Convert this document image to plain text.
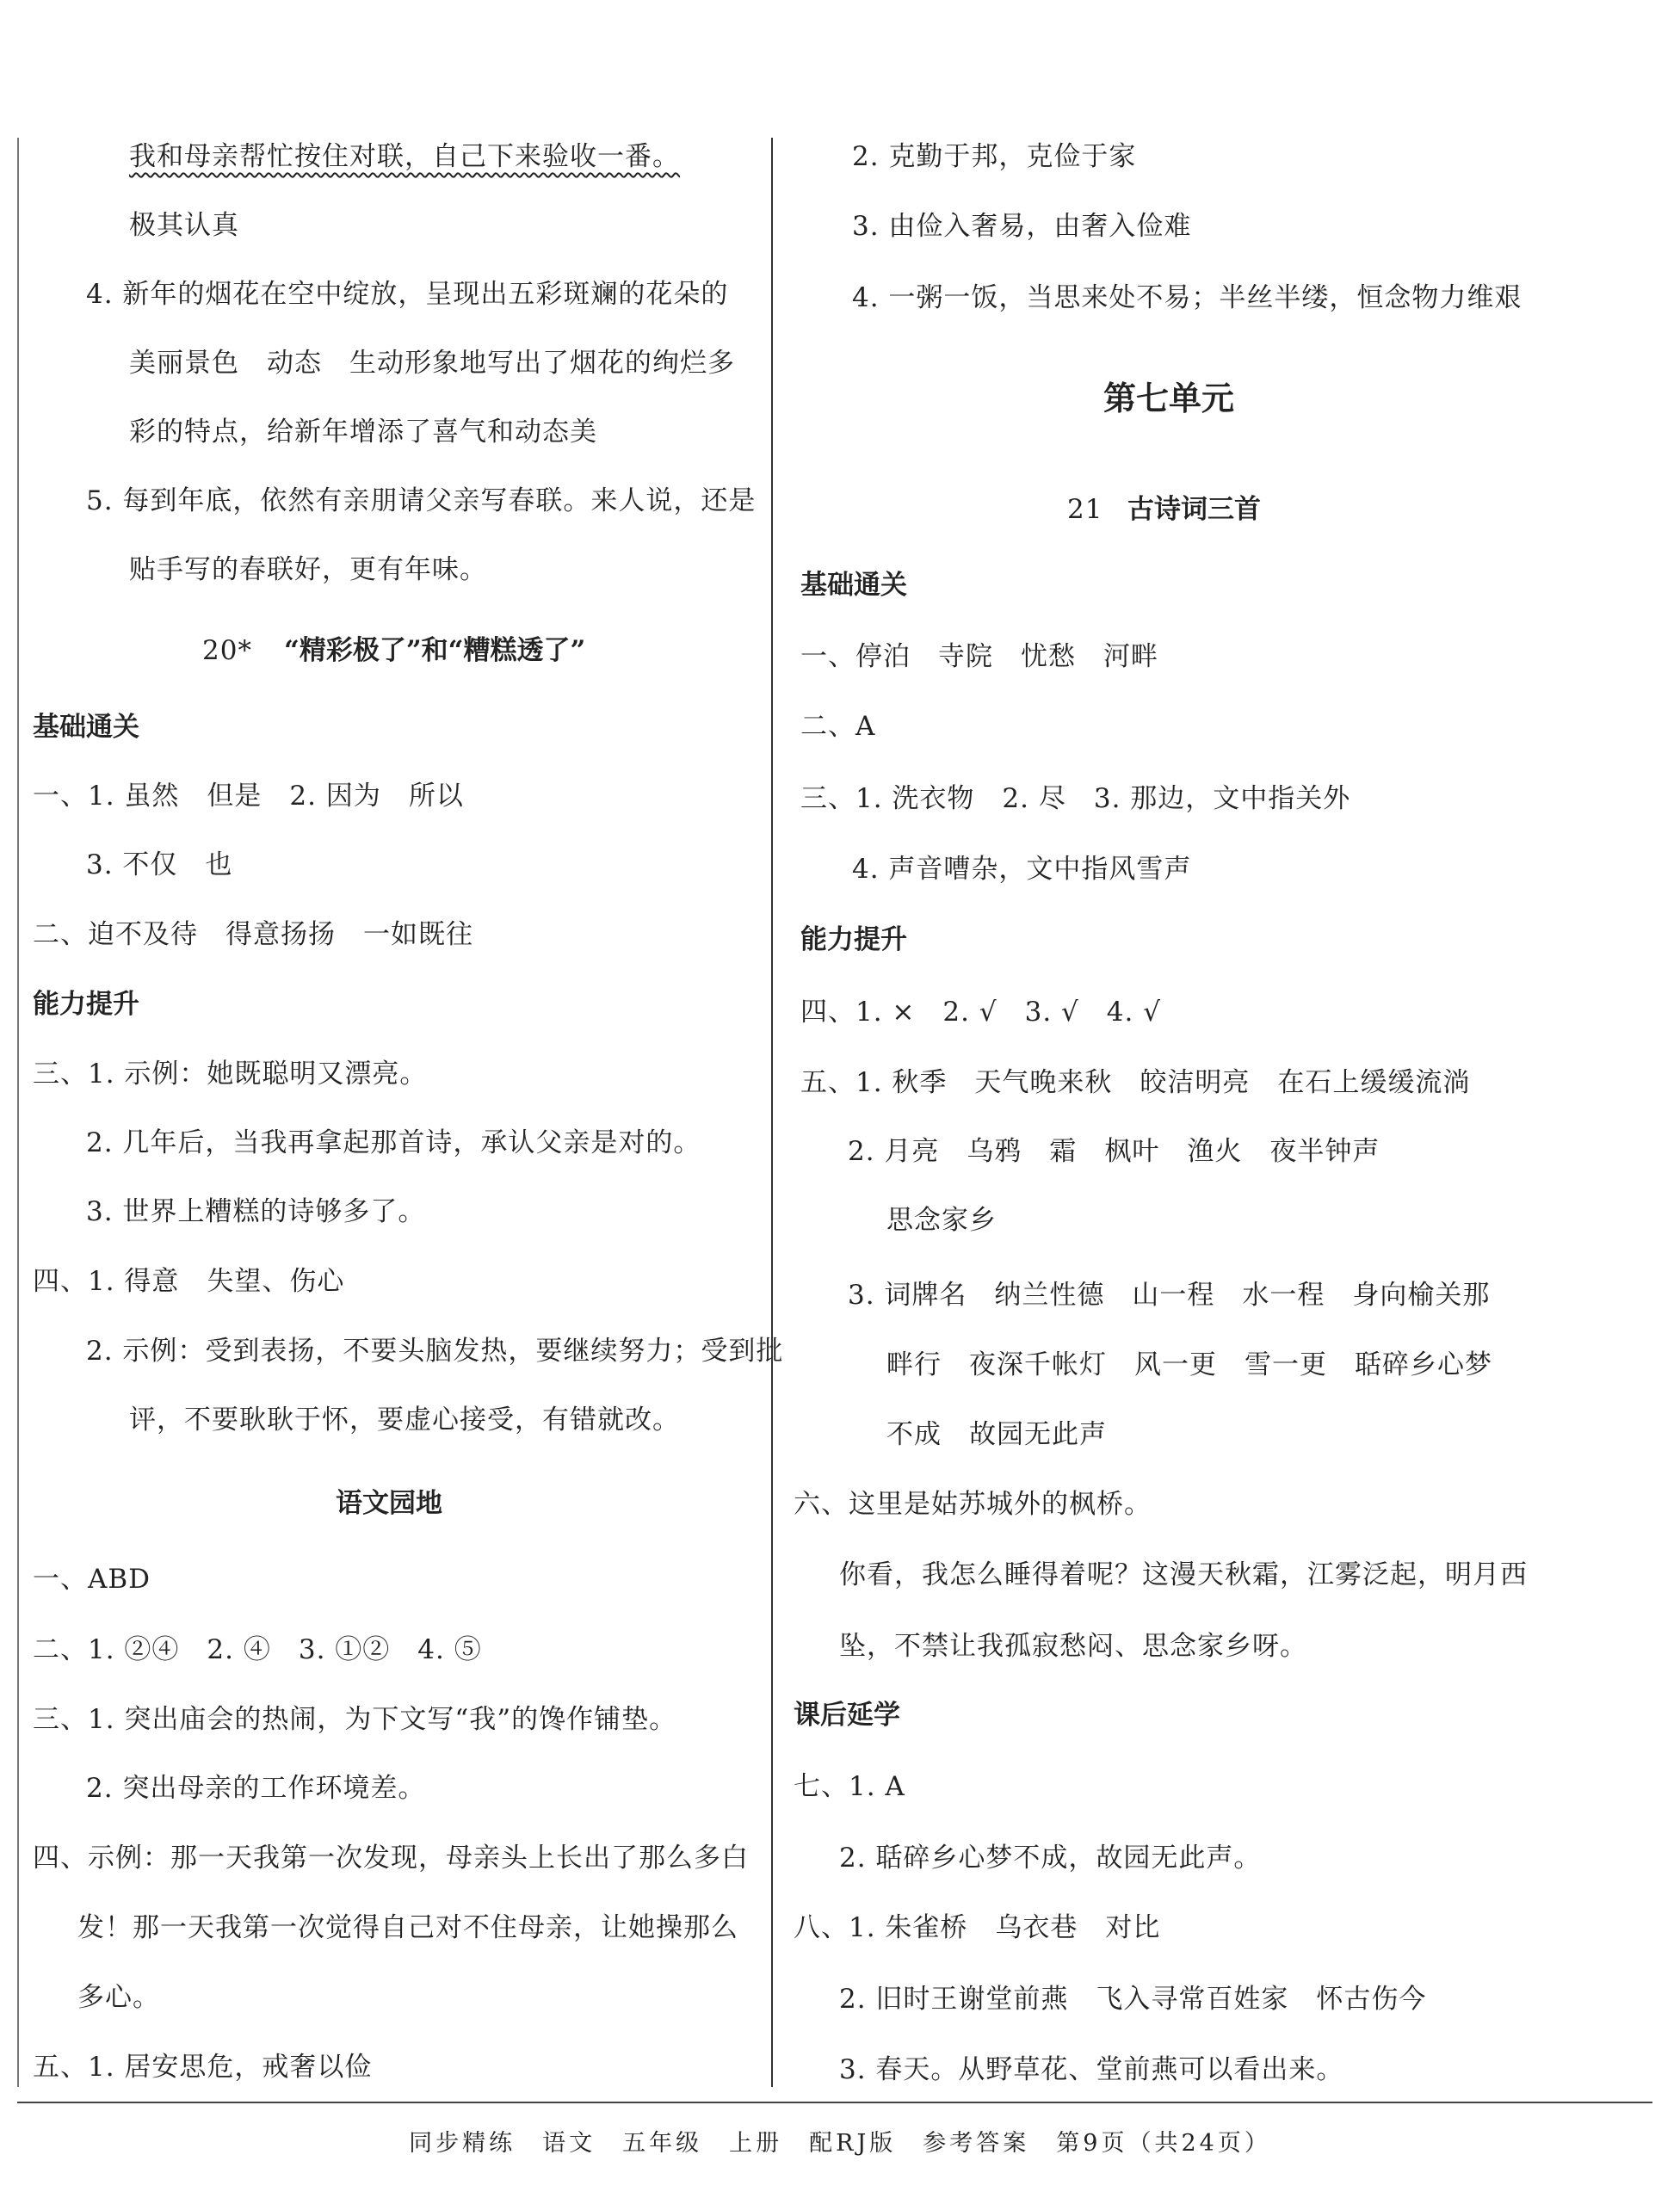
我和母亲帮忙按住对联，自己下来验收一番。
极其认真
4. 新年的烟花在空中绽放，呈现出五彩斑斓的花朵的
美丽景色　动态　生动形象地写出了烟花的绚烂多
彩的特点，给新年增添了喜气和动态美
5. 每到年底，依然有亲朋请父亲写春联。来人说，还是
贴手写的春联好，更有年味。
20* “精彩极了”和“糟糕透了”
基础通关
一、1. 虽然　但是　2. 因为　所以
3. 不仅　也
二、迫不及待　得意扬扬　一如既往
能力提升
三、1. 示例：她既聪明又漂亮。
2. 几年后，当我再拿起那首诗，承认父亲是对的。
3. 世界上糟糕的诗够多了。
四、1. 得意　失望、伤心
2. 示例：受到表扬，不要头脑发热，要继续努力；受到批
评，不要耿耿于怀，要虚心接受，有错就改。
语文园地
一、ABD
二、1. ②④　2. ④　3. ①②　4. ⑤
三、1. 突出庙会的热闹，为下文写“我”的馋作铺垫。
2. 突出母亲的工作环境差。
四、示例：那一天我第一次发现，母亲头上长出了那么多白
发！那一天我第一次觉得自己对不住母亲，让她操那么
多心。
五、1. 居安思危，戒奢以俭
2. 克勤于邦，克俭于家
3. 由俭入奢易，由奢入俭难
4. 一粥一饭，当思来处不易；半丝半缕，恒念物力维艰
第七单元
21 古诗词三首
基础通关
一、停泊　寺院　忧愁　河畔
二、A
三、1. 洗衣物　2. 尽　3. 那边，文中指关外
4. 声音嘈杂，文中指风雪声
能力提升
四、1. ×　2. √　3. √　4. √
五、1. 秋季　天气晚来秋　皎洁明亮　在石上缓缓流淌
2. 月亮　乌鸦　霜　枫叶　渔火　夜半钟声
思念家乡
3. 词牌名　纳兰性德　山一程　水一程　身向榆关那
畔行　夜深千帐灯　风一更　雪一更　聒碎乡心梦
不成　故园无此声
六、这里是姑苏城外的枫桥。
你看，我怎么睡得着呢？这漫天秋霜，江雾泛起，明月西
坠，不禁让我孤寂愁闷、思念家乡呀。
课后延学
七、1. A
2. 聒碎乡心梦不成，故园无此声。
八、1. 朱雀桥　乌衣巷　对比
2. 旧时王谢堂前燕　飞入寻常百姓家　怀古伤今
3. 春天。从野草花、堂前燕可以看出来。
同步精练　语文　五年级　上册　配RJ版　参考答案　第9页（共24页）
